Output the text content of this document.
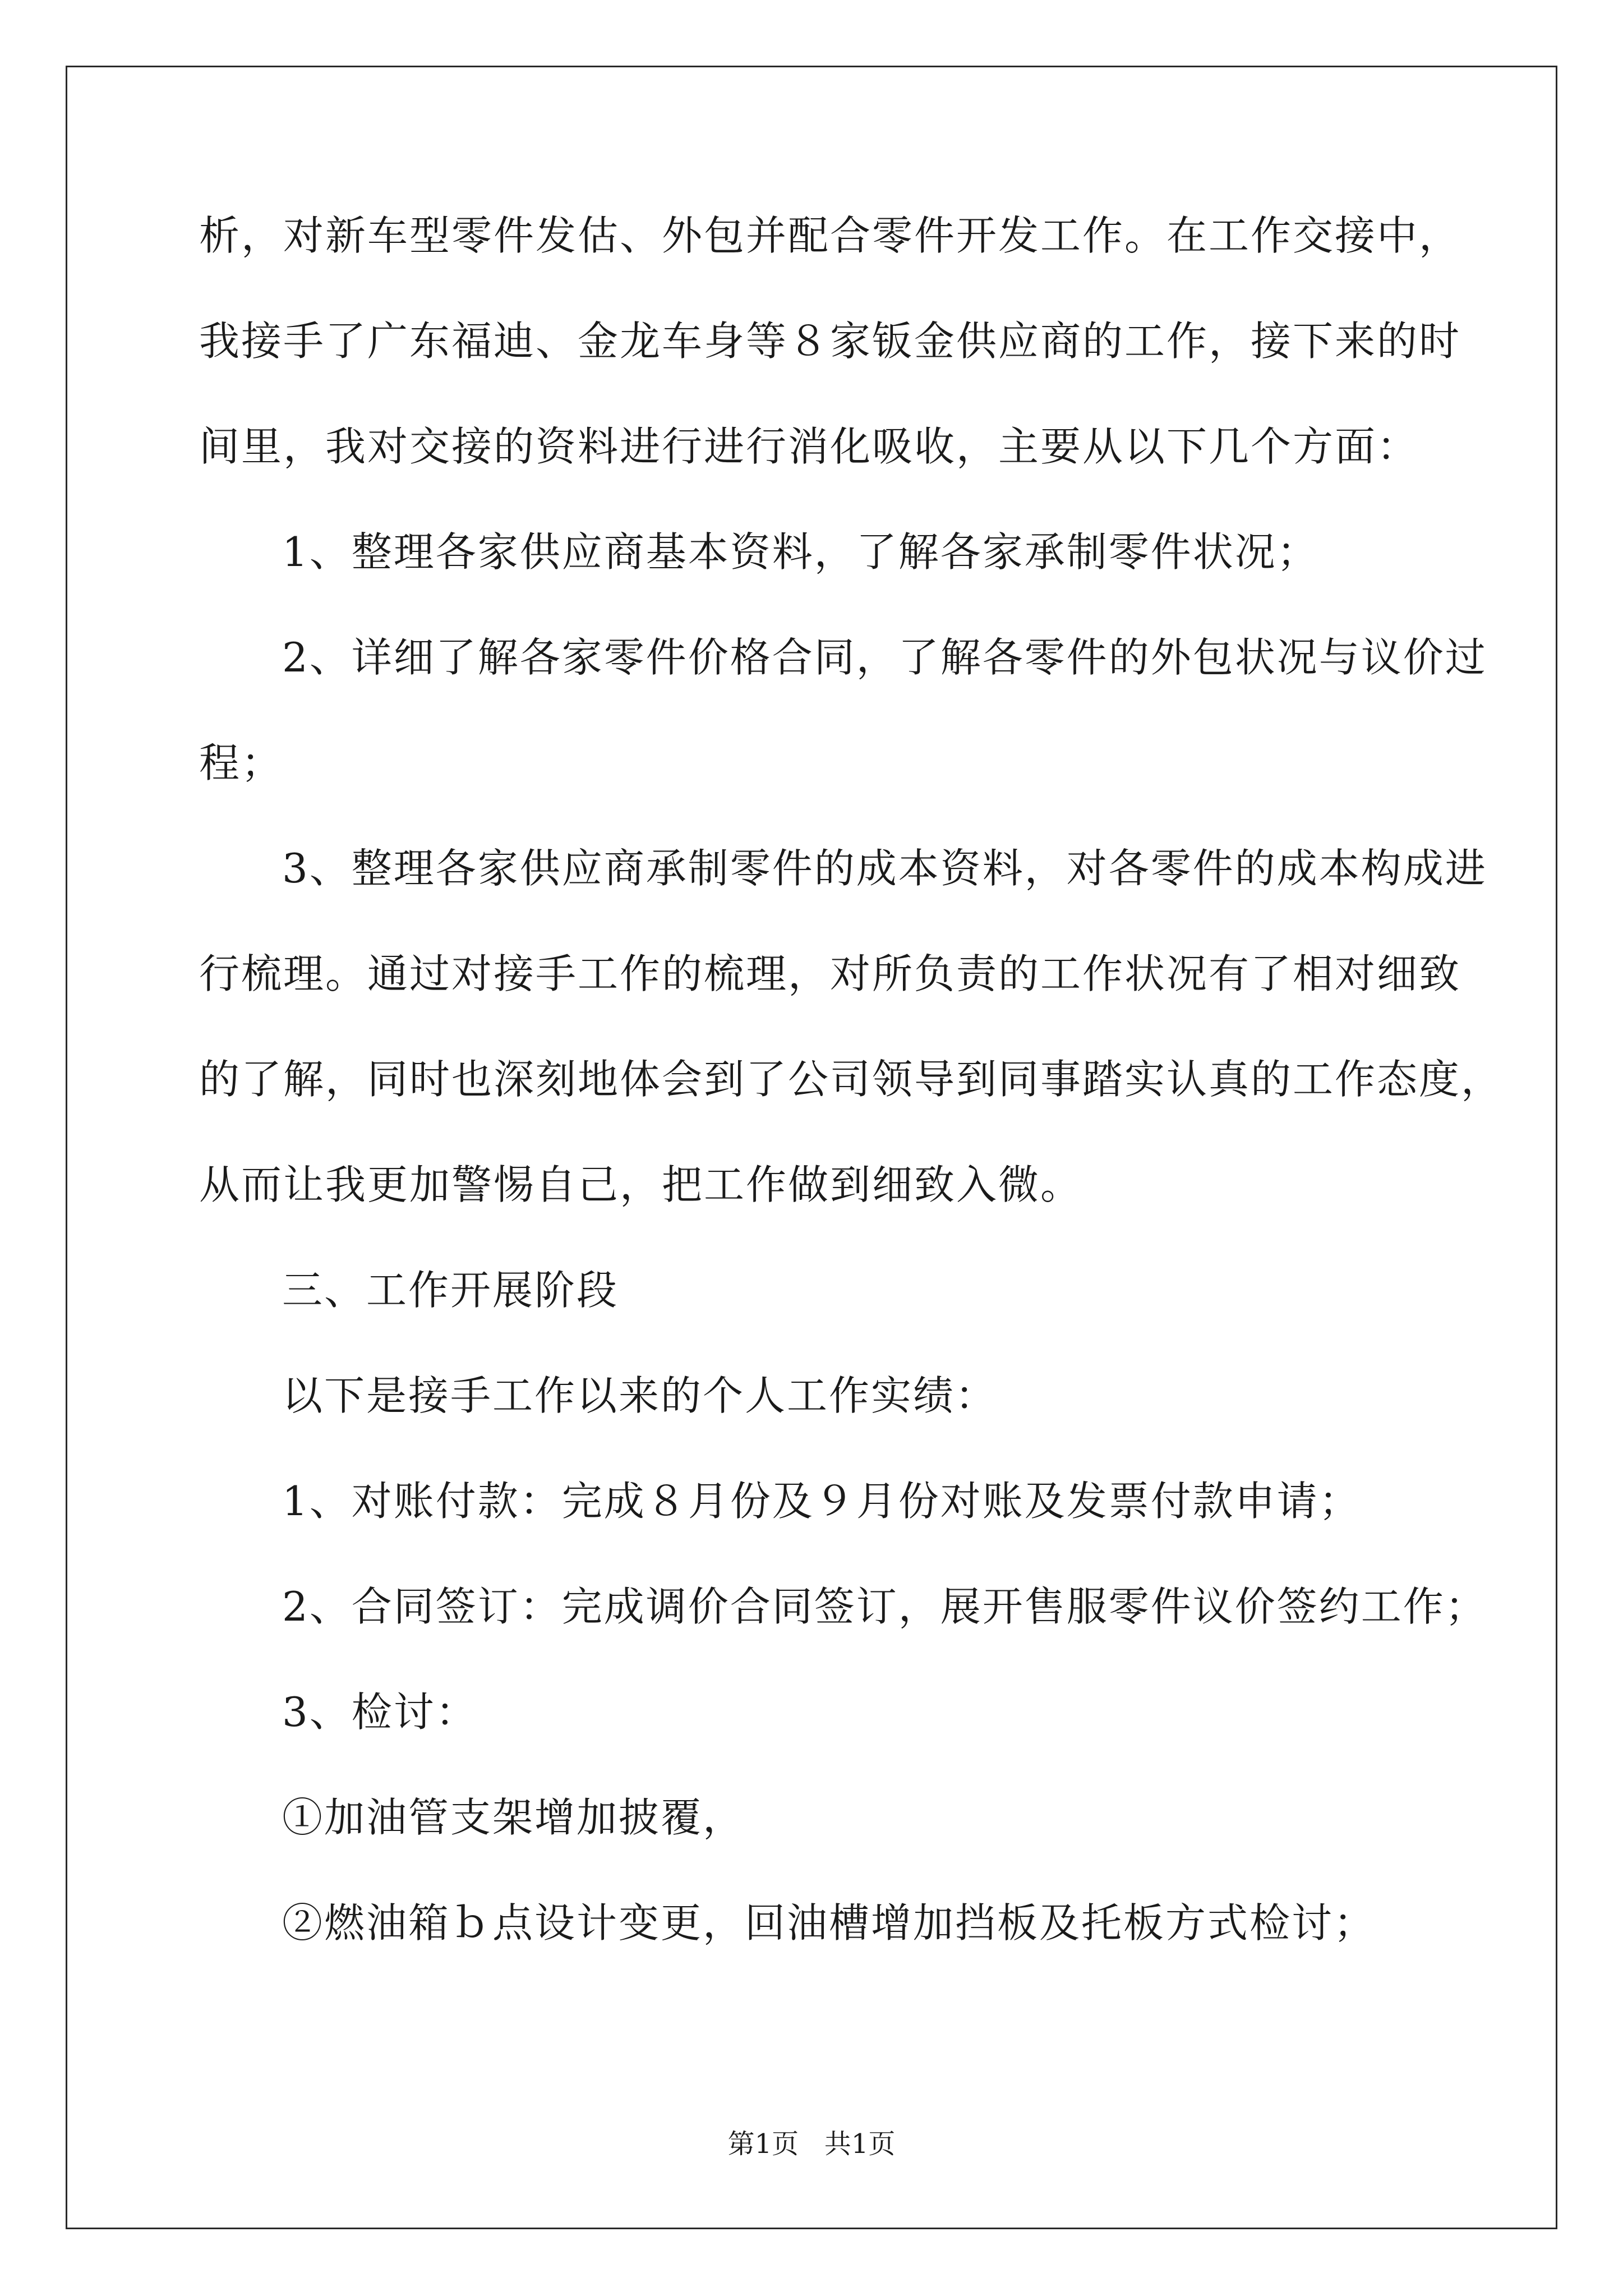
析，对新车型零件发估、外包并配合零件开发工作。在工作交接中，
我接手了广东福迪、金龙车身等８家钣金供应商的工作，接下来的时
间里，我对交接的资料进行进行消化吸收，主要从以下几个方面：
1、整理各家供应商基本资料，了解各家承制零件状况；
2、详细了解各家零件价格合同，了解各零件的外包状况与议价过
程；
3、整理各家供应商承制零件的成本资料，对各零件的成本构成进
行梳理。通过对接手工作的梳理，对所负责的工作状况有了相对细致
的了解，同时也深刻地体会到了公司领导到同事踏实认真的工作态度，
从而让我更加警惕自己，把工作做到细致入微。
三、工作开展阶段
以下是接手工作以来的个人工作实绩：
1、对账付款：完成８月份及９月份对账及发票付款申请；
2、合同签订：完成调价合同签订，展开售服零件议价签约工作；
3、检讨：
①加油管支架增加披覆，
②燃油箱ｂ点设计变更，回油槽增加挡板及托板方式检讨；
第1页 共1页
